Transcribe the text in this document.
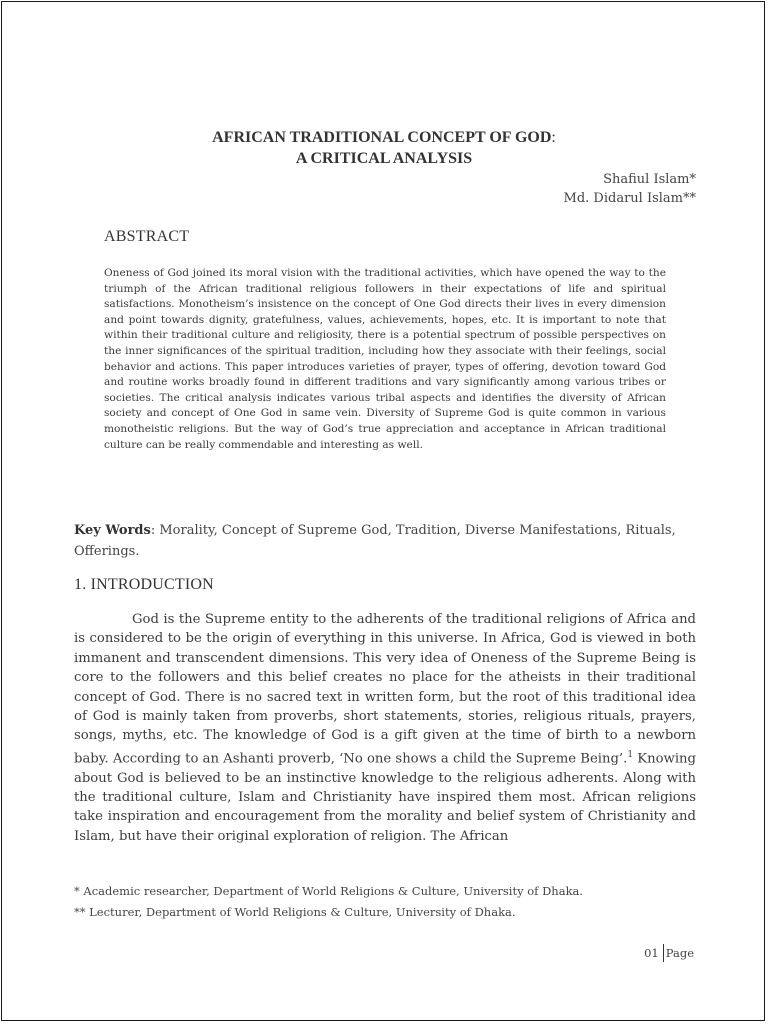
AFRICAN TRADITIONAL CONCEPT OF GOD:
A CRITICAL ANALYSIS
Shafiul Islam*
Md. Didarul Islam**
ABSTRACT

Oneness of God joined its moral vision with the traditional activities, which have opened the way to the triumph of the African traditional religious followers in their expectations of life and spiritual satisfactions. Monotheism’s insistence on the concept of One God directs their lives in every dimension and point towards dignity, gratefulness, values, achievements, hopes, etc. It is important to note that within their traditional culture and religiosity, there is a potential spectrum of possible perspectives on the inner significances of the spiritual tradition, including how they associate with their feelings, social behavior and actions. This paper introduces varieties of prayer, types of offering, devotion toward God and routine works broadly found in different traditions and vary significantly among various tribes or societies. The critical analysis indicates various tribal aspects and identifies the diversity of African society and concept of One God in same vein. Diversity of Supreme God is quite common in various monotheistic religions. But the way of God’s true appreciation and acceptance in African traditional culture can be really commendable and interesting as well.

Key Words: Morality, Concept of Supreme God, Tradition, Diverse Manifestations, Rituals, Offerings.

1. INTRODUCTION

God is the Supreme entity to the adherents of the traditional religions of Africa and is considered to be the origin of everything in this universe. In Africa, God is viewed in both immanent and transcendent dimensions. This very idea of Oneness of the Supreme Being is core to the followers and this belief creates no place for the atheists in their traditional concept of God. There is no sacred text in written form, but the root of this traditional idea of God is mainly taken from proverbs, short statements, stories, religious rituals, prayers, songs, myths, etc. The knowledge of God is a gift given at the time of birth to a newborn baby. According to an Ashanti proverb, ‘No one shows a child the Supreme Being’.$^1$ Knowing about God is believed to be an instinctive knowledge to the religious adherents. Along with the traditional culture, Islam and Christianity have inspired them most. African religions take inspiration and encouragement from the morality and belief system of Christianity and Islam, but have their original exploration of religion. The African

* Academic researcher, Department of World Religions & Culture, University of Dhaka.
** Lecturer, Department of World Religions & Culture, University of Dhaka.
01 Page
